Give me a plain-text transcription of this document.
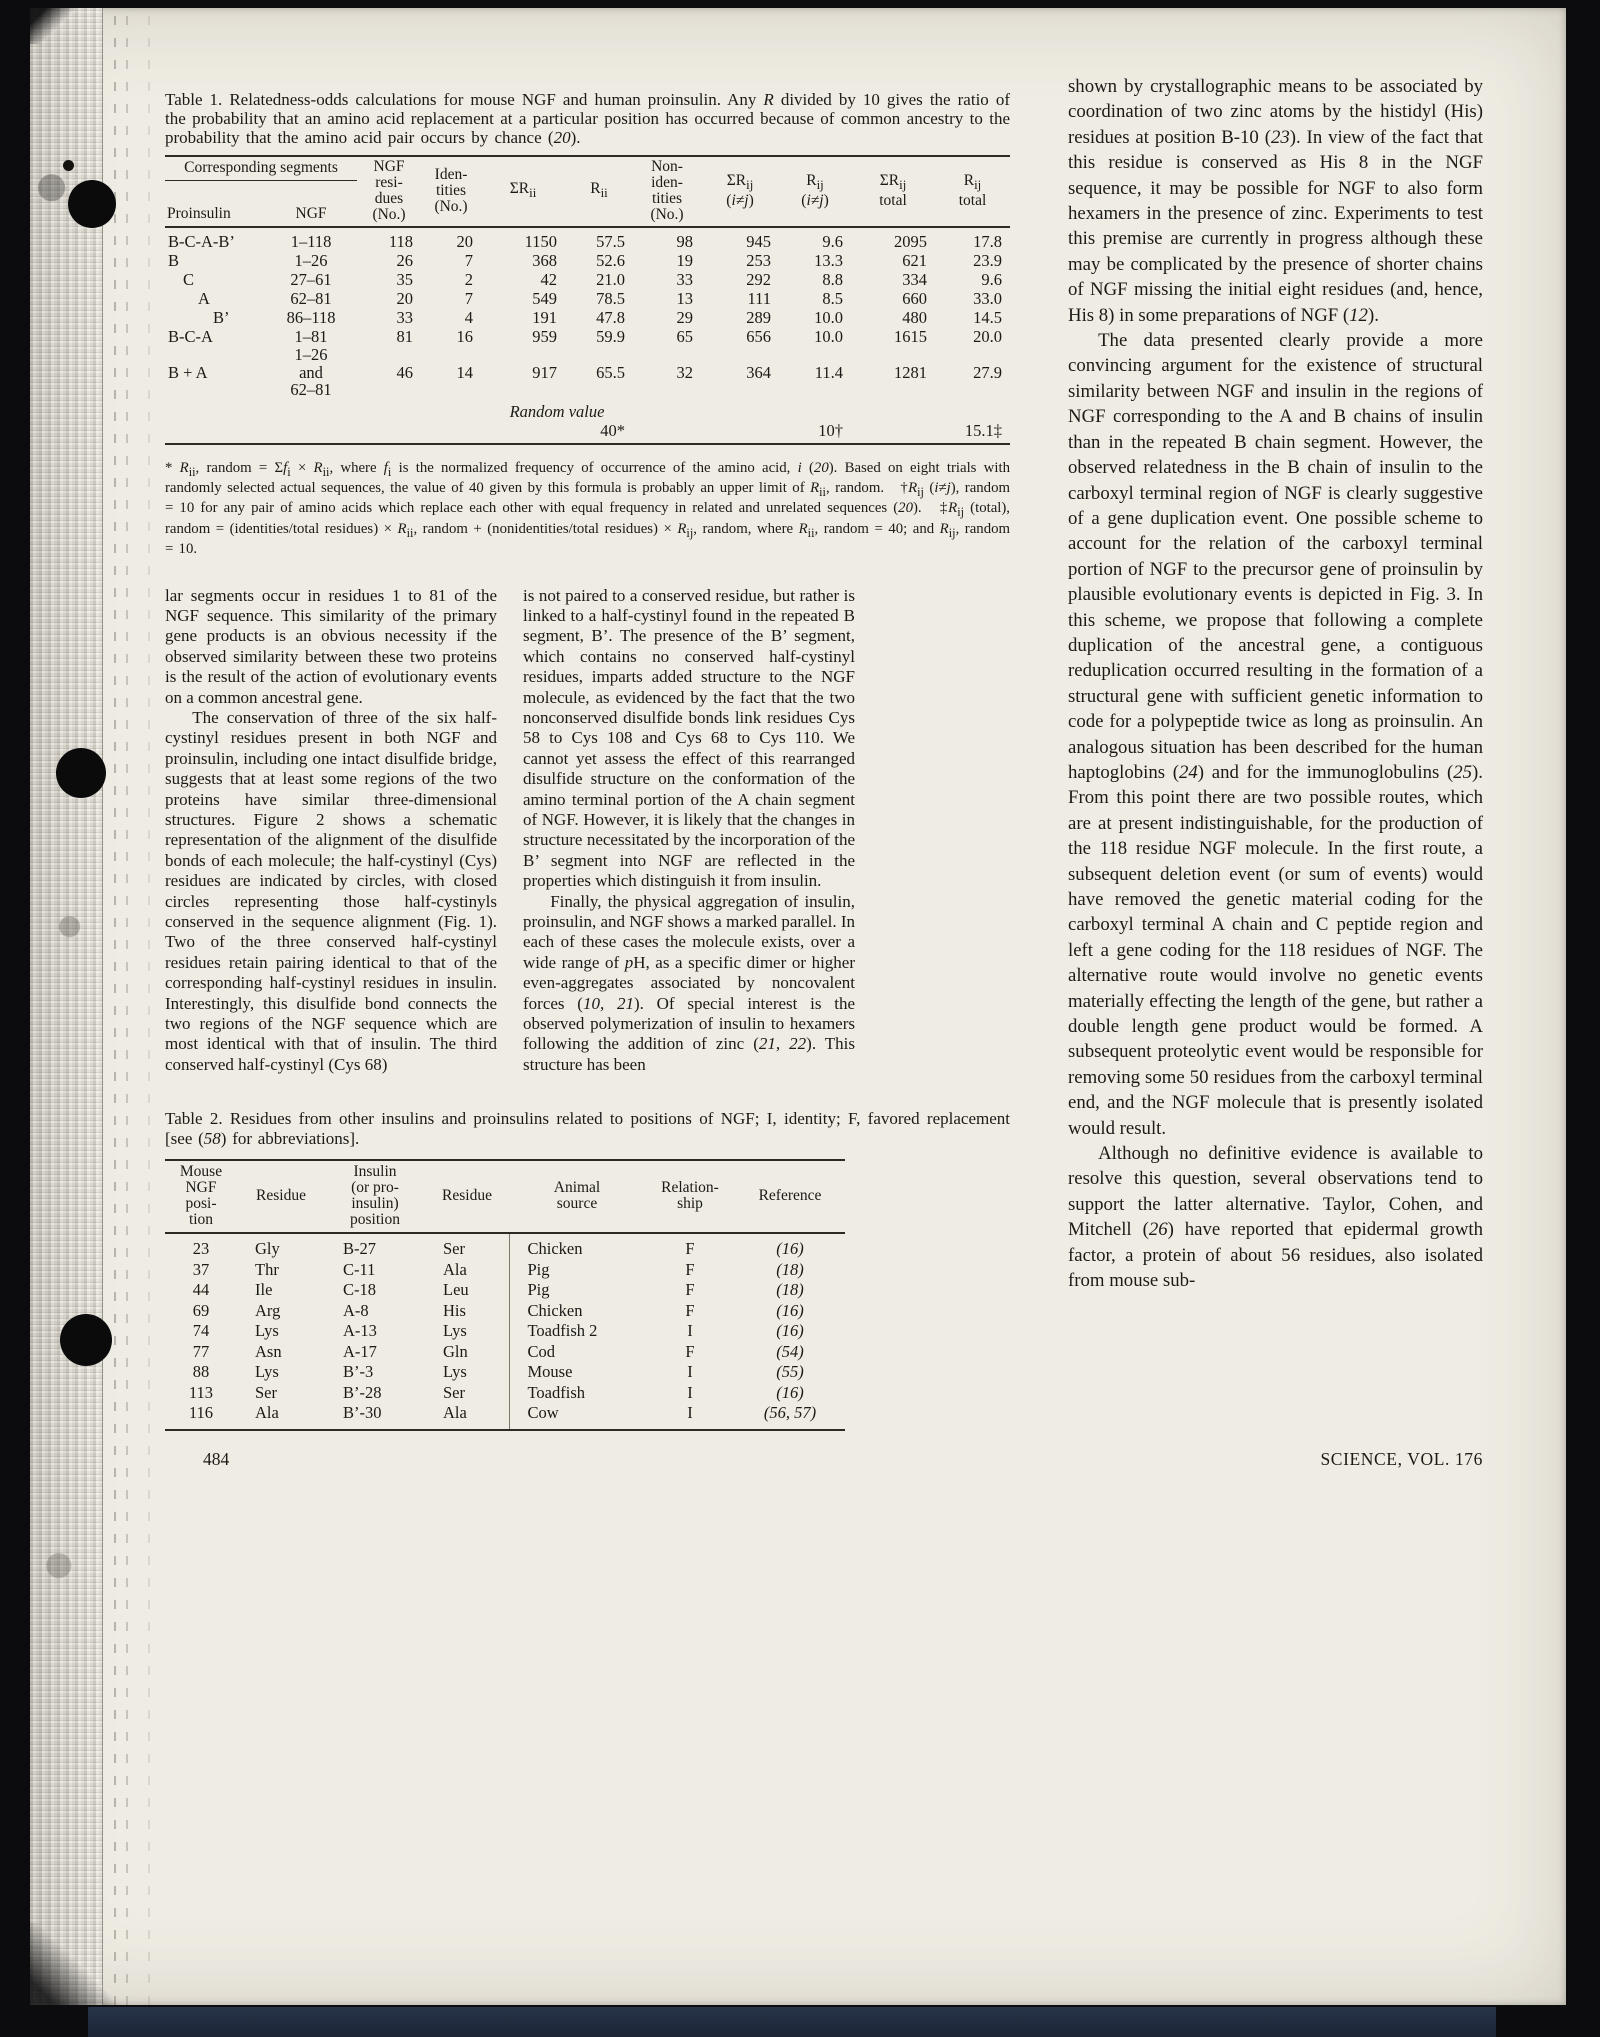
Table 1. Relatedness-odds calculations for mouse NGF and human proinsulin. Any R divided by 10 gives the ratio of the probability that an amino acid replacement at a particular position has occurred because of common ancestry to the probability that the amino acid pair occurs by chance (20).

Corresponding segments		NGF
resi-
dues
(No.)	Iden-
tities
(No.)	$\Sigma R_{ii}$	$R_{ii}$	Non-
iden-
tities
(No.)	$\Sigma R_{ij}$
(i≠j)	$R_{ij}$
(i≠j)	$\Sigma R_{ij}$
total	$R_{ij}$
total
Proinsulin	NGF									
B-C-A-B’	1–118	118	20	1150	57.5	98	945	9.6	2095	17.8
B	1–26	26	7	368	52.6	19	253	13.3	621	23.9
C	27–61	35	2	42	21.0	33	292	8.8	334	9.6
A	62–81	20	7	549	78.5	13	111	8.5	660	33.0
B’	86–118	33	4	191	47.8	29	289	10.0	480	14.5
B-C-A	1–81	81	16	959	59.9	65	656	10.0	1615	20.0
B + A	1–26
and
62–81	46	14	917	65.5	32	364	11.4	1281	27.9
				Random value						
					40*			10†		15.1‡

* $R_{ii}$, random = $\Sigma f_i \times R_{ii}$, where $f_i$ is the normalized frequency of occurrence of the amino acid, i (20). Based on eight trials with randomly selected actual sequences, the value of 40 given by this formula is probably an upper limit of $R_{ii}$, random.   $\dagger R_{ij}$ (i≠j), random = 10 for any pair of amino acids which replace each other with equal frequency in related and unrelated sequences (20).   $\ddagger R_{ij}$ (total), random = (identities/total residues) × $R_{ii}$, random + (nonidentities/total residues) × $R_{ij}$, random, where $R_{ii}$, random = 40; and $R_{ij}$, random = 10.

lar segments occur in residues 1 to 81 of the NGF sequence. This similarity of the primary gene products is an obvious necessity if the observed similarity between these two proteins is the result of the action of evolutionary events on a common ancestral gene.

The conservation of three of the six half-cystinyl residues present in both NGF and proinsulin, including one intact disulfide bridge, suggests that at least some regions of the two proteins have similar three-dimensional structures. Figure 2 shows a schematic representation of the alignment of the disulfide bonds of each molecule; the half-cystinyl (Cys) residues are indicated by circles, with closed circles representing those half-cystinyls conserved in the sequence alignment (Fig. 1). Two of the three conserved half-cystinyl residues retain pairing identical to that of the corresponding half-cystinyl residues in insulin. Interestingly, this disulfide bond connects the two regions of the NGF sequence which are most identical with that of insulin. The third conserved half-cystinyl (Cys 68)

is not paired to a conserved residue, but rather is linked to a half-cystinyl found in the repeated B segment, B’. The presence of the B’ segment, which contains no conserved half-cystinyl residues, imparts added structure to the NGF molecule, as evidenced by the fact that the two nonconserved disulfide bonds link residues Cys 58 to Cys 108 and Cys 68 to Cys 110. We cannot yet assess the effect of this rearranged disulfide structure on the conformation of the amino terminal portion of the A chain segment of NGF. However, it is likely that the changes in structure necessitated by the incorporation of the B’ segment into NGF are reflected in the properties which distinguish it from insulin.

Finally, the physical aggregation of insulin, proinsulin, and NGF shows a marked parallel. In each of these cases the molecule exists, over a wide range of pH, as a specific dimer or higher even-aggregates associated by noncovalent forces (10, 21). Of special interest is the observed polymerization of insulin to hexamers following the addition of zinc (21, 22). This structure has been

Table 2. Residues from other insulins and proinsulins related to positions of NGF; I, identity; F, favored replacement [see (58) for abbreviations].

Mouse
NGF
posi-
tion	Residue	Insulin
(or pro-
insulin)
position	Residue	Animal
source	Relation-
ship	Reference
23	Gly	B-27	Ser	Chicken	F	(16)
37	Thr	C-11	Ala	Pig	F	(18)
44	Ile	C-18	Leu	Pig	F	(18)
69	Arg	A-8	His	Chicken	F	(16)
74	Lys	A-13	Lys	Toadfish 2	I	(16)
77	Asn	A-17	Gln	Cod	F	(54)
88	Lys	B’-3	Lys	Mouse	I	(55)
113	Ser	B’-28	Ser	Toadfish	I	(16)
116	Ala	B’-30	Ala	Cow	I	(56, 57)

shown by crystallographic means to be associated by coordination of two zinc atoms by the histidyl (His) residues at position B-10 (23). In view of the fact that this residue is conserved as His 8 in the NGF sequence, it may be possible for NGF to also form hexamers in the presence of zinc. Experiments to test this premise are currently in progress although these may be complicated by the presence of shorter chains of NGF missing the initial eight residues (and, hence, His 8) in some preparations of NGF (12).

The data presented clearly provide a more convincing argument for the existence of structural similarity between NGF and insulin in the regions of NGF corresponding to the A and B chains of insulin than in the repeated B chain segment. However, the observed relatedness in the B chain of insulin to the carboxyl terminal region of NGF is clearly suggestive of a gene duplication event. One possible scheme to account for the relation of the carboxyl terminal portion of NGF to the precursor gene of proinsulin by plausible evolutionary events is depicted in Fig. 3. In this scheme, we propose that following a complete duplication of the ancestral gene, a contiguous reduplication occurred resulting in the formation of a structural gene with sufficient genetic information to code for a polypeptide twice as long as proinsulin. An analogous situation has been described for the human haptoglobins (24) and for the immunoglobulins (25). From this point there are two possible routes, which are at present indistinguishable, for the production of the 118 residue NGF molecule. In the first route, a subsequent deletion event (or sum of events) would have removed the genetic material coding for the carboxyl terminal A chain and C peptide region and left a gene coding for the 118 residues of NGF. The alternative route would involve no genetic events materially effecting the length of the gene, but rather a double length gene product would be formed. A subsequent proteolytic event would be responsible for removing some 50 residues from the carboxyl terminal end, and the NGF molecule that is presently isolated would result.

Although no definitive evidence is available to resolve this question, several observations tend to support the latter alternative. Taylor, Cohen, and Mitchell (26) have reported that epidermal growth factor, a protein of about 56 residues, also isolated from mouse sub-

484	SCIENCE, VOL. 176
